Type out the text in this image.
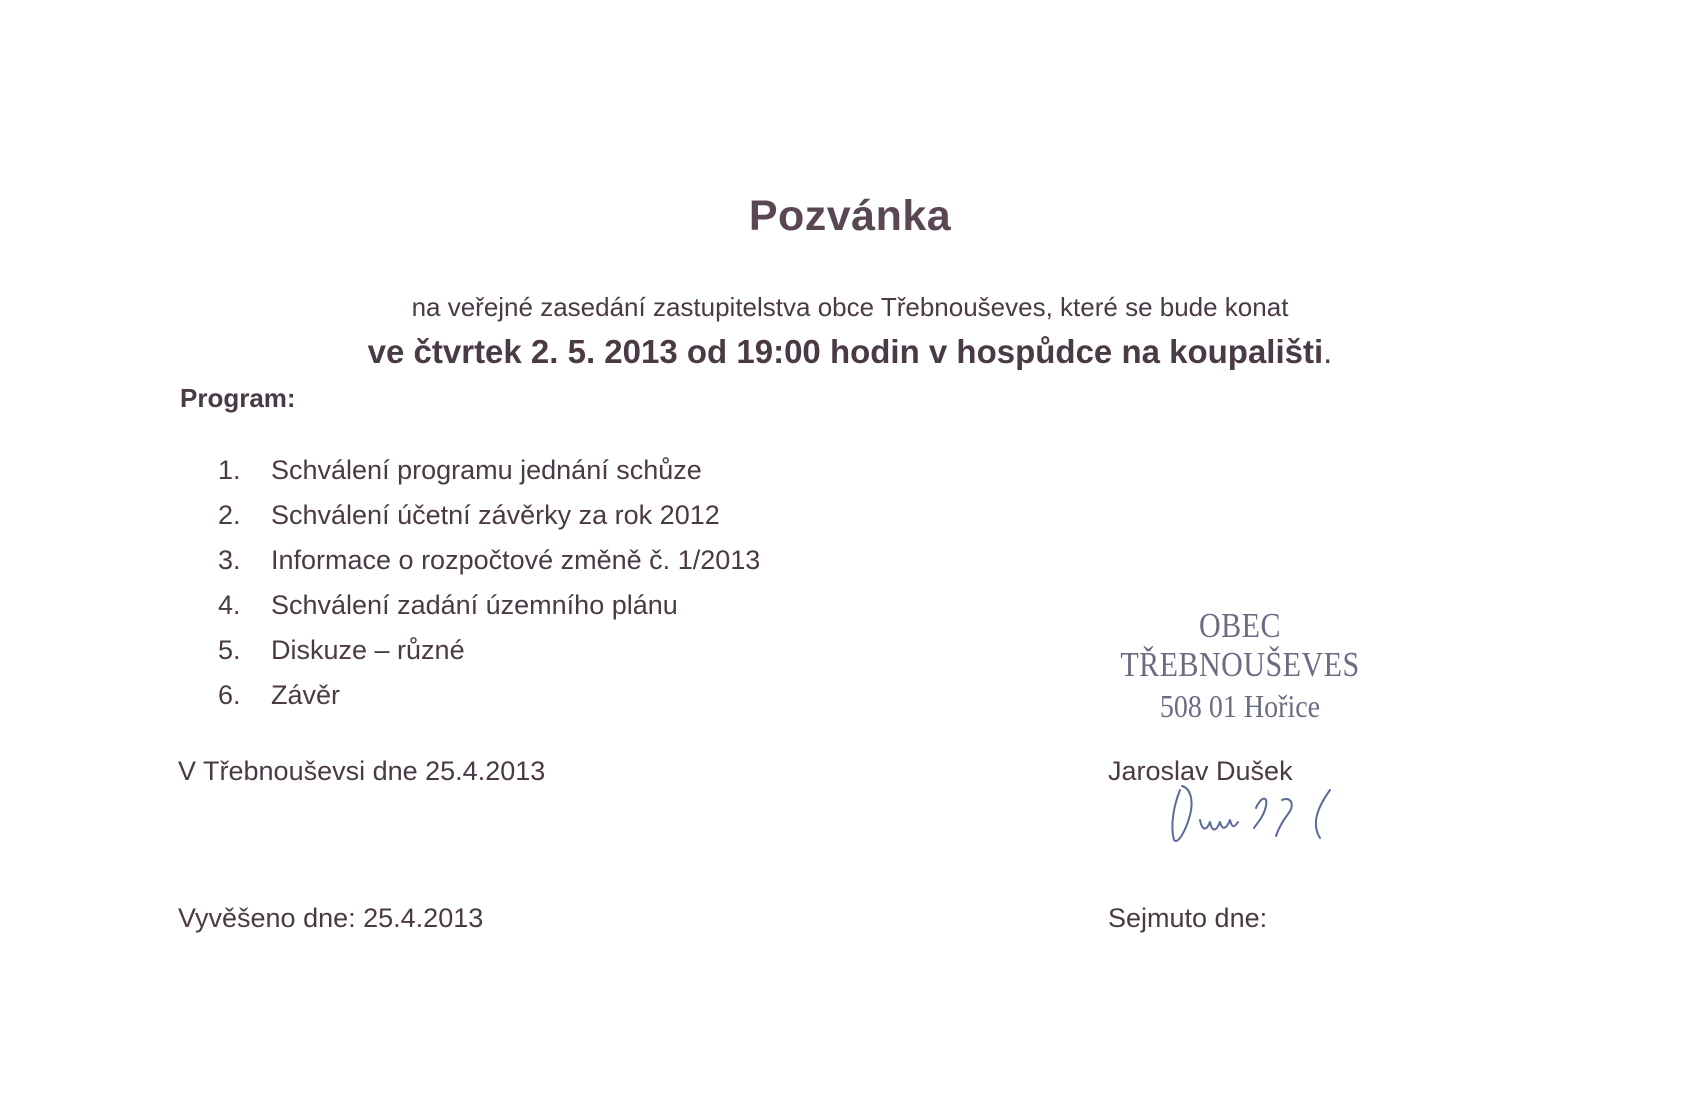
Pozvánka
na veřejné zasedání zastupitelstva obce Třebnouševes, které se bude konat
ve čtvrtek 2. 5. 2013 od 19:00 hodin v hospůdce na koupališti.
Program:
1.	Schválení programu jednání schůze
2.	Schválení účetní závěrky za rok 2012
3.	Informace o rozpočtové změně č. 1/2013
4.	Schválení zadání územního plánu
5.	Diskuze – různé
6.	Závěr
OBEC TŘEBNOUŠEVES
508 01 Hořice
V Třebnouševsi dne 25.4.2013	Jaroslav Dušek
Vyvěšeno dne: 25.4.2013	Sejmuto dne:
